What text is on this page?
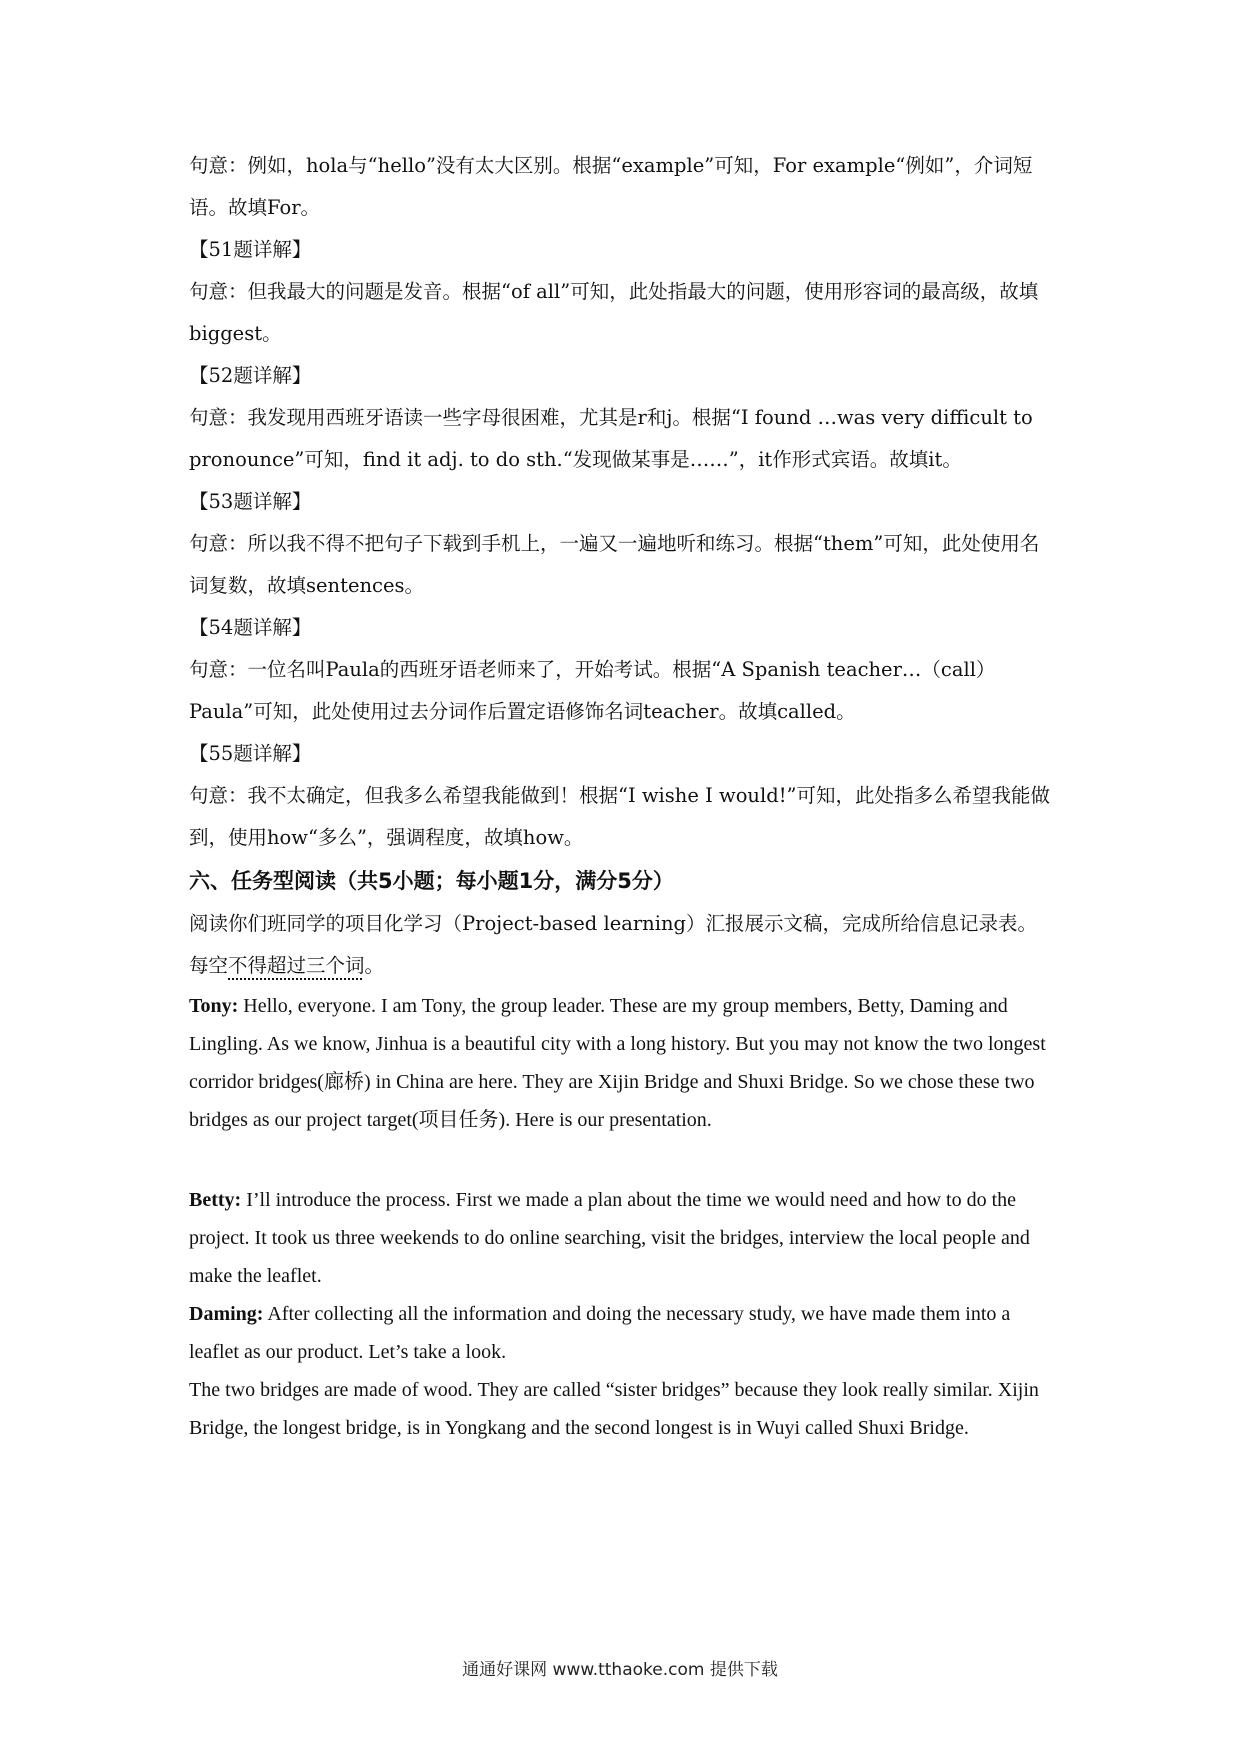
句意：例如，hola与“hello”没有太大区别。根据“example”可知，For example“例如”，介词短语。故填For。

【51题详解】

句意：但我最大的问题是发音。根据“of all”可知，此处指最大的问题，使用形容词的最高级，故填biggest。

【52题详解】

句意：我发现用西班牙语读一些字母很困难，尤其是r和j。根据“I found …was very difficult to pronounce”可知，find it adj. to do sth.“发现做某事是……”，it作形式宾语。故填it。

【53题详解】

句意：所以我不得不把句子下载到手机上，一遍又一遍地听和练习。根据“them”可知，此处使用名词复数，故填sentences。

【54题详解】

句意：一位名叫Paula的西班牙语老师来了，开始考试。根据“A Spanish teacher…（call）Paula”可知，此处使用过去分词作后置定语修饰名词teacher。故填called。

【55题详解】

句意：我不太确定，但我多么希望我能做到！根据“I wishe I would!”可知，此处指多么希望我能做到，使用how“多么”，强调程度，故填how。

六、任务型阅读（共5小题；每小题1分，满分5分）

阅读你们班同学的项目化学习（Project-based learning）汇报展示文稿，完成所给信息记录表。每空不得超过三个词。

Tony: Hello, everyone. I am Tony, the group leader. These are my group members, Betty, Daming and Lingling. As we know, Jinhua is a beautiful city with a long history. But you may not know the two longest corridor bridges(廊桥) in China are here. They are Xijin Bridge and Shuxi Bridge. So we chose these two bridges as our project target(项目任务). Here is our presentation.

Betty: I’ll introduce the process. First we made a plan about the time we would need and how to do the project. It took us three weekends to do online searching, visit the bridges, interview the local people and make the leaflet.

Daming: After collecting all the information and doing the necessary study, we have made them into a leaflet as our product. Let’s take a look.

The two bridges are made of wood. They are called “sister bridges” because they look really similar. Xijin Bridge, the longest bridge, is in Yongkang and the second longest is in Wuyi called Shuxi Bridge.

通通好课网 www.tthaoke.com 提供下载
